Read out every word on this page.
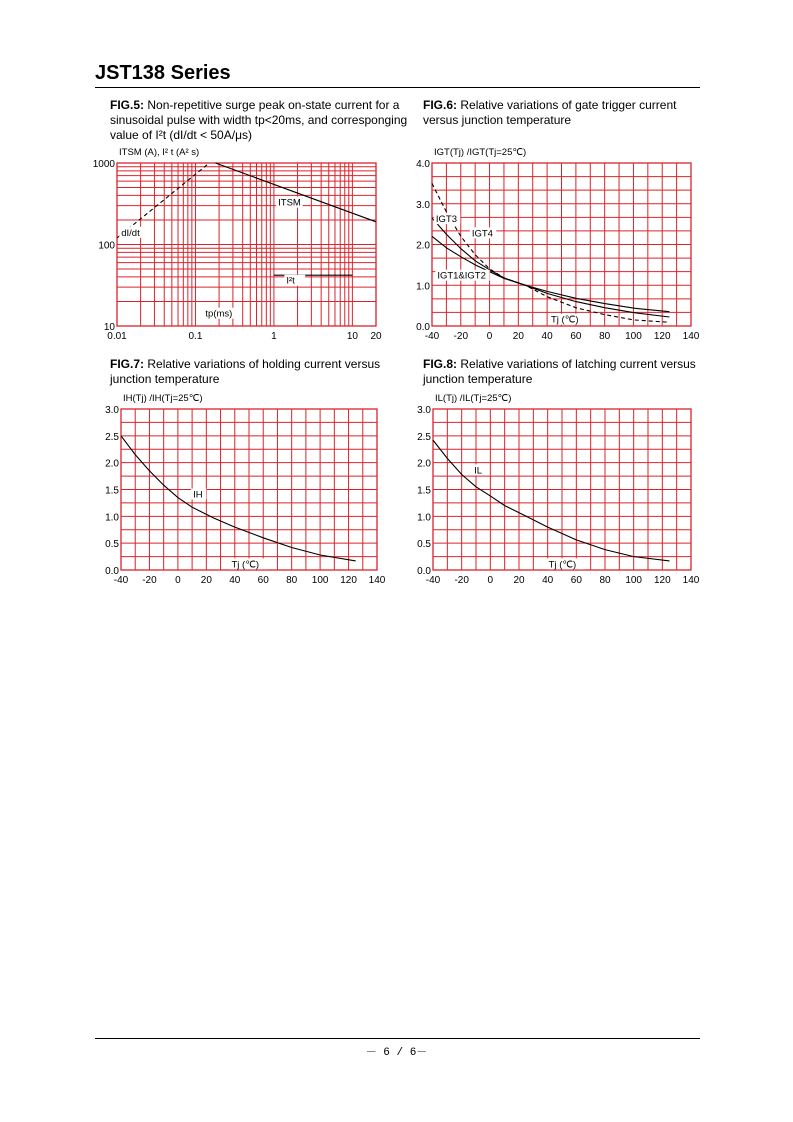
JST138 Series
FIG.5: Non-repetitive surge peak on-state current for a sinusoidal pulse with width tp<20ms, and corresponging value of I²t (dI/dt < 50A/μs)
FIG.6: Relative variations of gate trigger current versus junction temperature
FIG.7: Relative variations of holding current versus junction temperature
FIG.8: Relative variations of latching current versus junction temperature
0.01	0.1	1	10 20
10
100
1000
ITSM (A), I² t (A² s)
ITSM
dI/dt
I²t
tp(ms)
-40 -20 0 20 40 60 80 100 120 140
0.0
1.0
2.0
3.0
4.0
IGT(Tj) /IGT(Tj=25℃)
IGT3
IGT4
IGT1&IGT2
Tj (℃)
-40 -20 0 20 40 60 80 100 120 140
0.0
0.5
1.0
1.5
2.0
2.5
3.0
IH(Tj) /IH(Tj=25℃)
IH
Tj (℃)
-40 -20 0 20 40 60 80 100 120 140
0.0
0.5
1.0
1.5
2.0
2.5
3.0
IL(Tj) /IL(Tj=25℃)
IL
Tj (℃)
－ 6 / 6－
